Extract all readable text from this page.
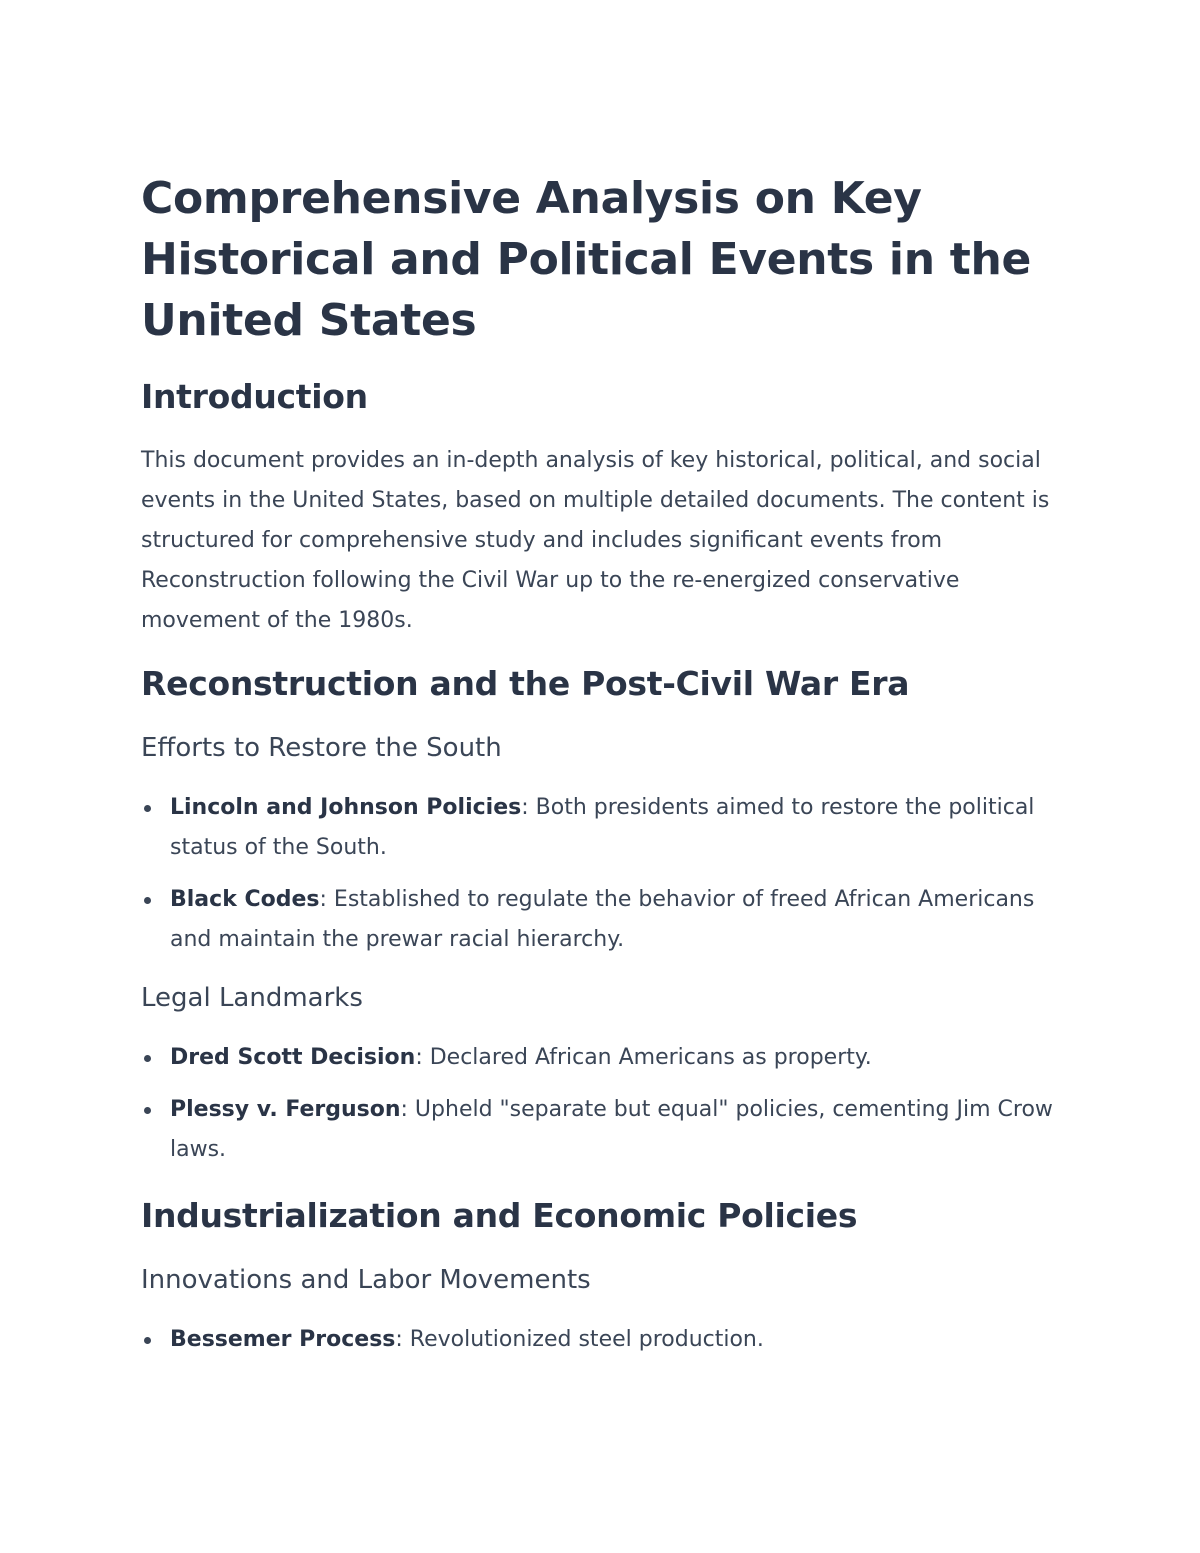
Comprehensive Analysis on Key Historical and Political Events in the United States
Introduction

This document provides an in-depth analysis of key historical, political, and social events in the United States, based on multiple detailed documents. The content is structured for comprehensive study and includes significant events from Reconstruction following the Civil War up to the re-energized conservative movement of the 1980s.

Reconstruction and the Post-Civil War Era
Efforts to Restore the South
Lincoln and Johnson Policies: Both presidents aimed to restore the political status of the South.
Black Codes: Established to regulate the behavior of freed African Americans and maintain the prewar racial hierarchy.
Legal Landmarks
Dred Scott Decision: Declared African Americans as property.
Plessy v. Ferguson: Upheld "separate but equal" policies, cementing Jim Crow laws.
Industrialization and Economic Policies
Innovations and Labor Movements
Bessemer Process: Revolutionized steel production.
